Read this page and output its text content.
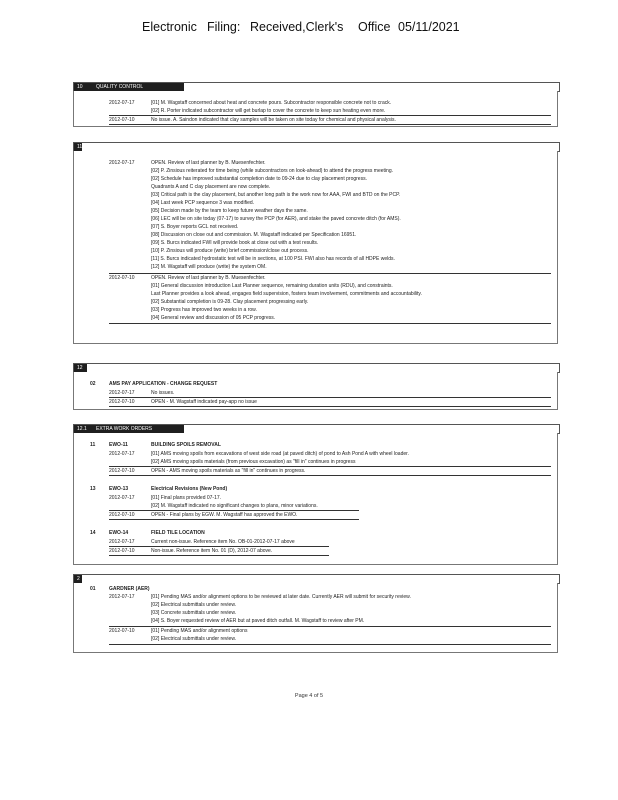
Electronic Filing: Received,Clerk's Office 05/11/2021
10	QUALITY CONTROL
2012-07-17	[01] M. Wagstaff concerned about heat and concrete pours. Subcontractor responsible concrete not to crack.
[02] R. Porter indicated subcontractor will get burlap to cover the concrete to keep sun heating even more.
2012-07-10	No issue. A. Saindon indicated that clay samples will be taken on site today for chemical and physical analysis.
11
2012-07-17	OPEN. Review of last planner by B. Muesenfechter.
[02] P. Zinsious reiterated for time being (while subcontractors on look-ahead) to attend the progress meeting.
[02] Schedule has improved substantial completion date to 09-24 due to clay placement progress.
Quadrants A and C clay placement are now complete.
[03] Critical path is the clay placement, but another long path is the work now for AAA, FWI and BTD on the PCP.
[04] Last week PCP sequence 3 was modified.
[05] Decision made by the team to keep future weather days the same.
[06] LEC will be on site today (07-17) to survey the PCP (for AER), and stake the paved concrete ditch (for AMS).
[07] S. Boyer reports GCL not received.
[08] Discussion on close out and commission. M. Wagstaff indicated per Specification 16951.
[09] S. Burcs indicated FWI will provide book at close out with a test results.
[10] P. Zinsious will produce (write) brief commission/close out process.
[11] S. Burcs indicated hydrostatic test will be in sections, at 100 PSI. FWI also has records of all HDPE welds.
[12] M. Wagstaff will produce (write) the system OM.
2012-07-10	OPEN. Review of last planner by B. Muesenfechter.
[01] General discussion introduction Last Planner sequence, remaining duration units (RDU), and constraints.
Last Planner provides a look ahead, engages field supervision, fosters team involvement, commitments and accountability.
[02] Substantial completion is 09-28. Clay placement progressing early.
[03] Progress has improved two weeks in a row.
[04] General review and discussion of 05 PCP progress.
12
02	AMS PAY APPLICATION - CHANGE REQUEST
2012-07-17	No issues.
2012-07-10	OPEN - M. Wagstaff indicated pay-app no issue
12.1 EXTRA WORK ORDERS
11	EWO-11	BUILDING SPOILS REMOVAL
2012-07-17	[01] AMS moving spoils from excavations of west side road (at paved ditch) of pond to Ash Pond A with wheel loader.
[02] AMS moving spoils materials (from previous excavation) as "fill in" continues in progress
2012-07-10	OPEN - AMS moving spoils materials as "fill in" continues in progress.
13	EWO-13	Electrical Revisions (New Pond)
2012-07-17	[01] Final plans provided 07-17.
[02] M. Wagstaff indicated no significant changes to plans, minor variations.
2012-07-10	OPEN - Final plans by EGW. M. Wagstaff has approved the EWO.
14	EWO-14	FIELD TILE LOCATION
2012-07-17	Current non-issue. Reference item No. OB-01-2012-07-17 above
2012-07-10	Non-issue. Reference item No. 01 (D), 2012-07 above.
2
01	GARDNER (AER)
2012-07-17	[01] Pending MAS and/or alignment options to be reviewed at later date. Currently AER will submit for security review.
[02] Electrical submittals under review.
[03] Concrete submittals under review.
[04] S. Boyer requested review of AER but at paved ditch outfall. M. Wagstaff to review after PM.
2012-07-10	[01] Pending MAS and/or alignment options
[02] Electrical submittals under review.
Page 4 of 5
